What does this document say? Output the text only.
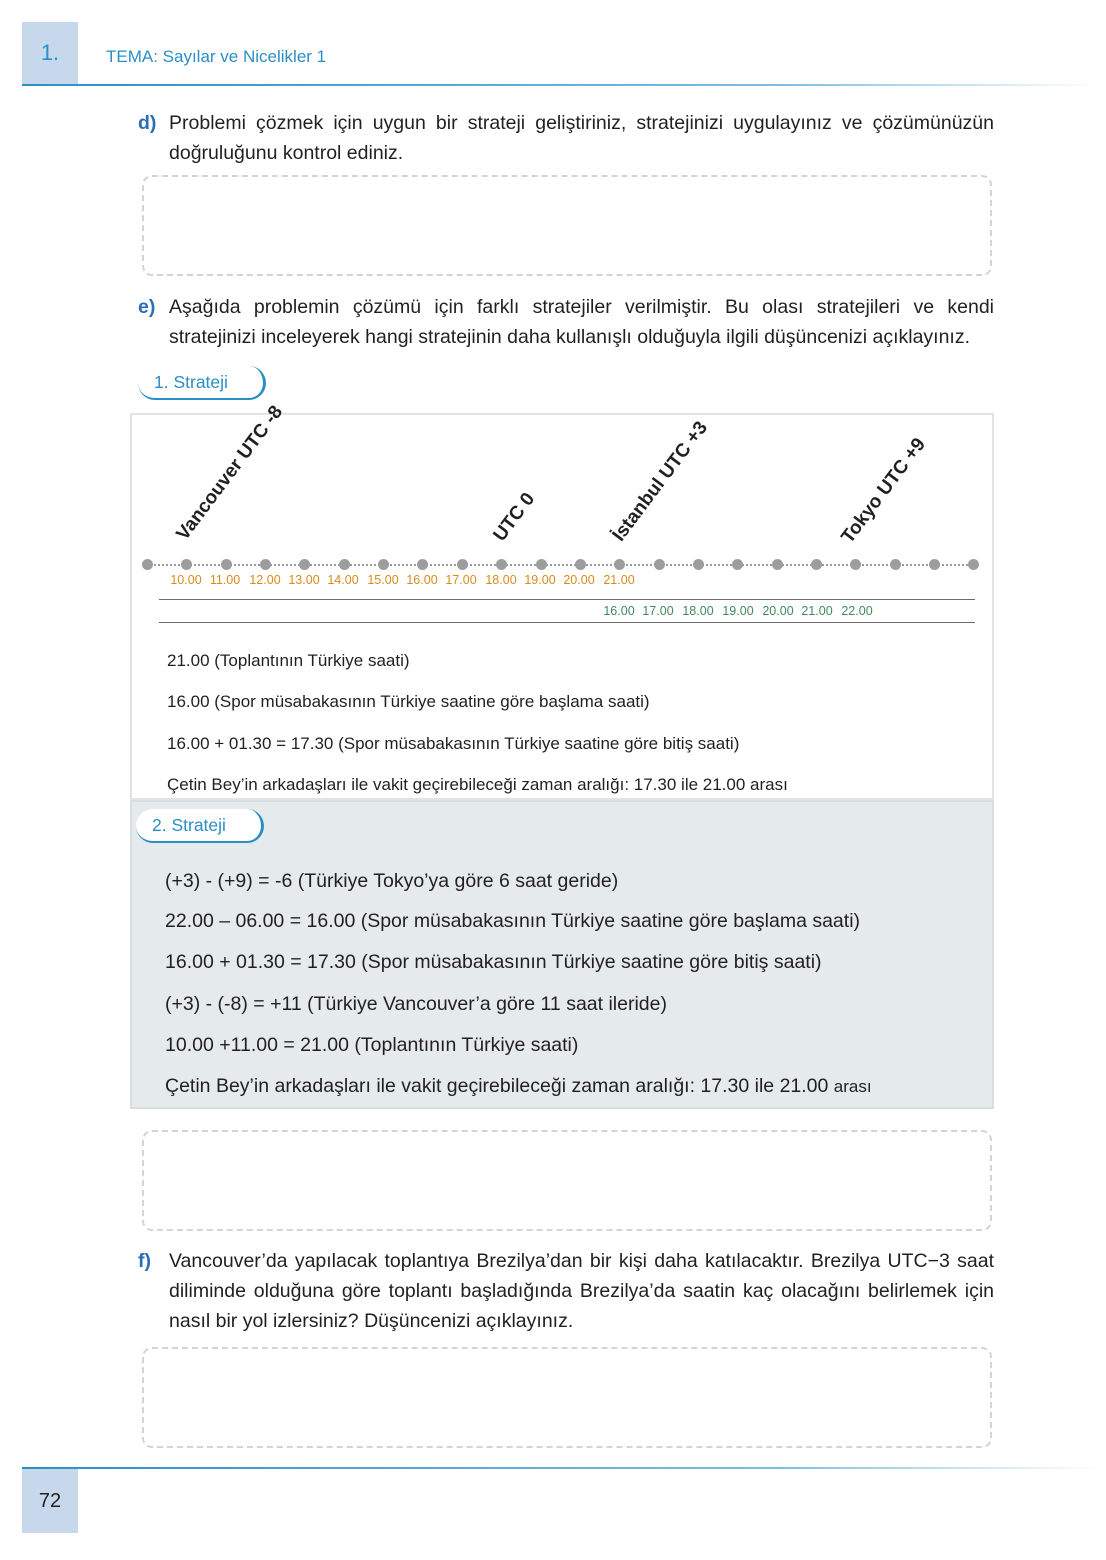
1.	TEMA: Sayılar ve Nicelikler 1
d) Problemi çözmek için uygun bir strateji geliştiriniz, stratejinizi uygulayınız ve çözümünüzün doğruluğunu kontrol ediniz.
e) Aşağıda problemin çözümü için farklı stratejiler verilmiştir. Bu olası stratejileri ve kendi stratejinizi inceleyerek hangi stratejinin daha kullanışlı olduğuyla ilgili düşüncenizi açıklayınız.
1. Strateji
Vancouver UTC -8	UTC 0	İstanbul UTC +3	Tokyo UTC +9
10.00 11.00 12.00 13.00 14.00 15.00 16.00 17.00 18.00 19.00 20.00 21.00
16.00 17.00 18.00 19.00 20.00 21.00 22.00
21.00 (Toplantının Türkiye saati)
16.00 (Spor müsabakasının Türkiye saatine göre başlama saati)
16.00 + 01.30 = 17.30 (Spor müsabakasının Türkiye saatine göre bitiş saati)
Çetin Bey’in arkadaşları ile vakit geçirebileceği zaman aralığı: 17.30 ile 21.00 arası
2. Strateji
(+3) - (+9) = -6 (Türkiye Tokyo’ya göre 6 saat geride)
22.00 – 06.00 = 16.00 (Spor müsabakasının Türkiye saatine göre başlama saati)
16.00 + 01.30 = 17.30 (Spor müsabakasının Türkiye saatine göre bitiş saati)
(+3) - (-8) = +11 (Türkiye Vancouver’a göre 11 saat ileride)
10.00 +11.00 = 21.00 (Toplantının Türkiye saati)
Çetin Bey’in arkadaşları ile vakit geçirebileceği zaman aralığı: 17.30 ile 21.00 arası
f) Vancouver’da yapılacak toplantıya Brezilya’dan bir kişi daha katılacaktır. Brezilya UTC−3 saat diliminde olduğuna göre toplantı başladığında Brezilya’da saatin kaç olacağını belirlemek için nasıl bir yol izlersiniz? Düşüncenizi açıklayınız.
72
